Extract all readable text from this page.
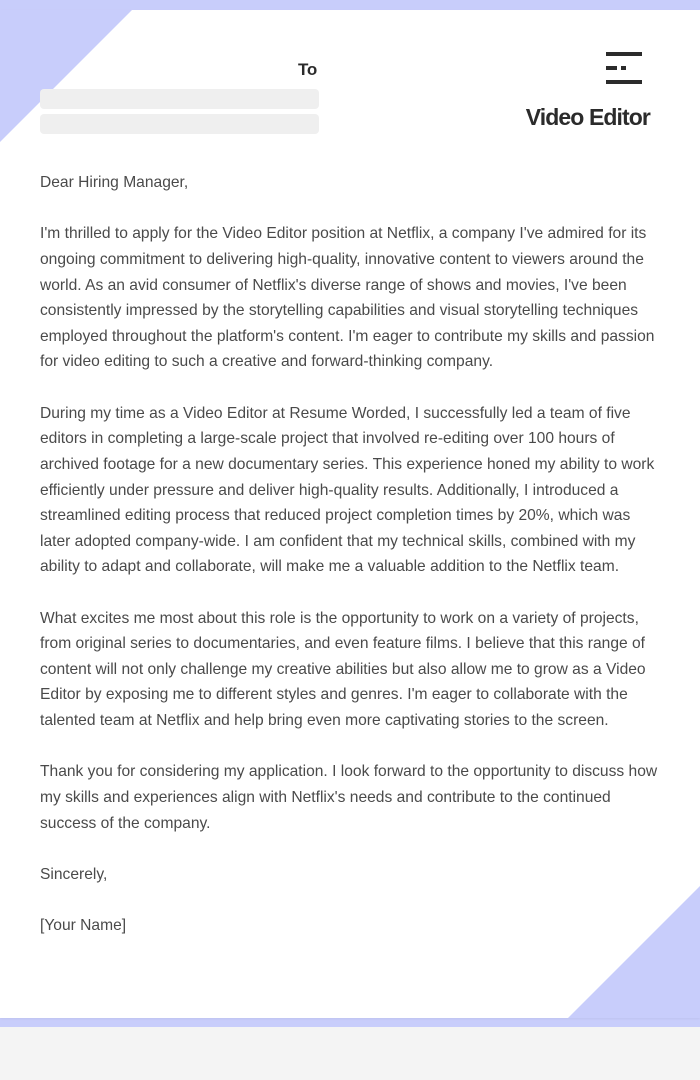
To
Video Editor

Dear Hiring Manager,

I'm thrilled to apply for the Video Editor position at Netflix, a company I've admired for its ongoing commitment to delivering high-quality, innovative content to viewers around the world. As an avid consumer of Netflix's diverse range of shows and movies, I've been consistently impressed by the storytelling capabilities and visual storytelling techniques employed throughout the platform's content. I'm eager to contribute my skills and passion for video editing to such a creative and forward-thinking company.

During my time as a Video Editor at Resume Worded, I successfully led a team of five editors in completing a large-scale project that involved re-editing over 100 hours of archived footage for a new documentary series. This experience honed my ability to work efficiently under pressure and deliver high-quality results. Additionally, I introduced a streamlined editing process that reduced project completion times by 20%, which was later adopted company-wide. I am confident that my technical skills, combined with my ability to adapt and collaborate, will make me a valuable addition to the Netflix team.

What excites me most about this role is the opportunity to work on a variety of projects, from original series to documentaries, and even feature films. I believe that this range of content will not only challenge my creative abilities but also allow me to grow as a Video Editor by exposing me to different styles and genres. I'm eager to collaborate with the talented team at Netflix and help bring even more captivating stories to the screen.

Thank you for considering my application. I look forward to the opportunity to discuss how my skills and experiences align with Netflix's needs and contribute to the continued success of the company.

Sincerely,

[Your Name]
